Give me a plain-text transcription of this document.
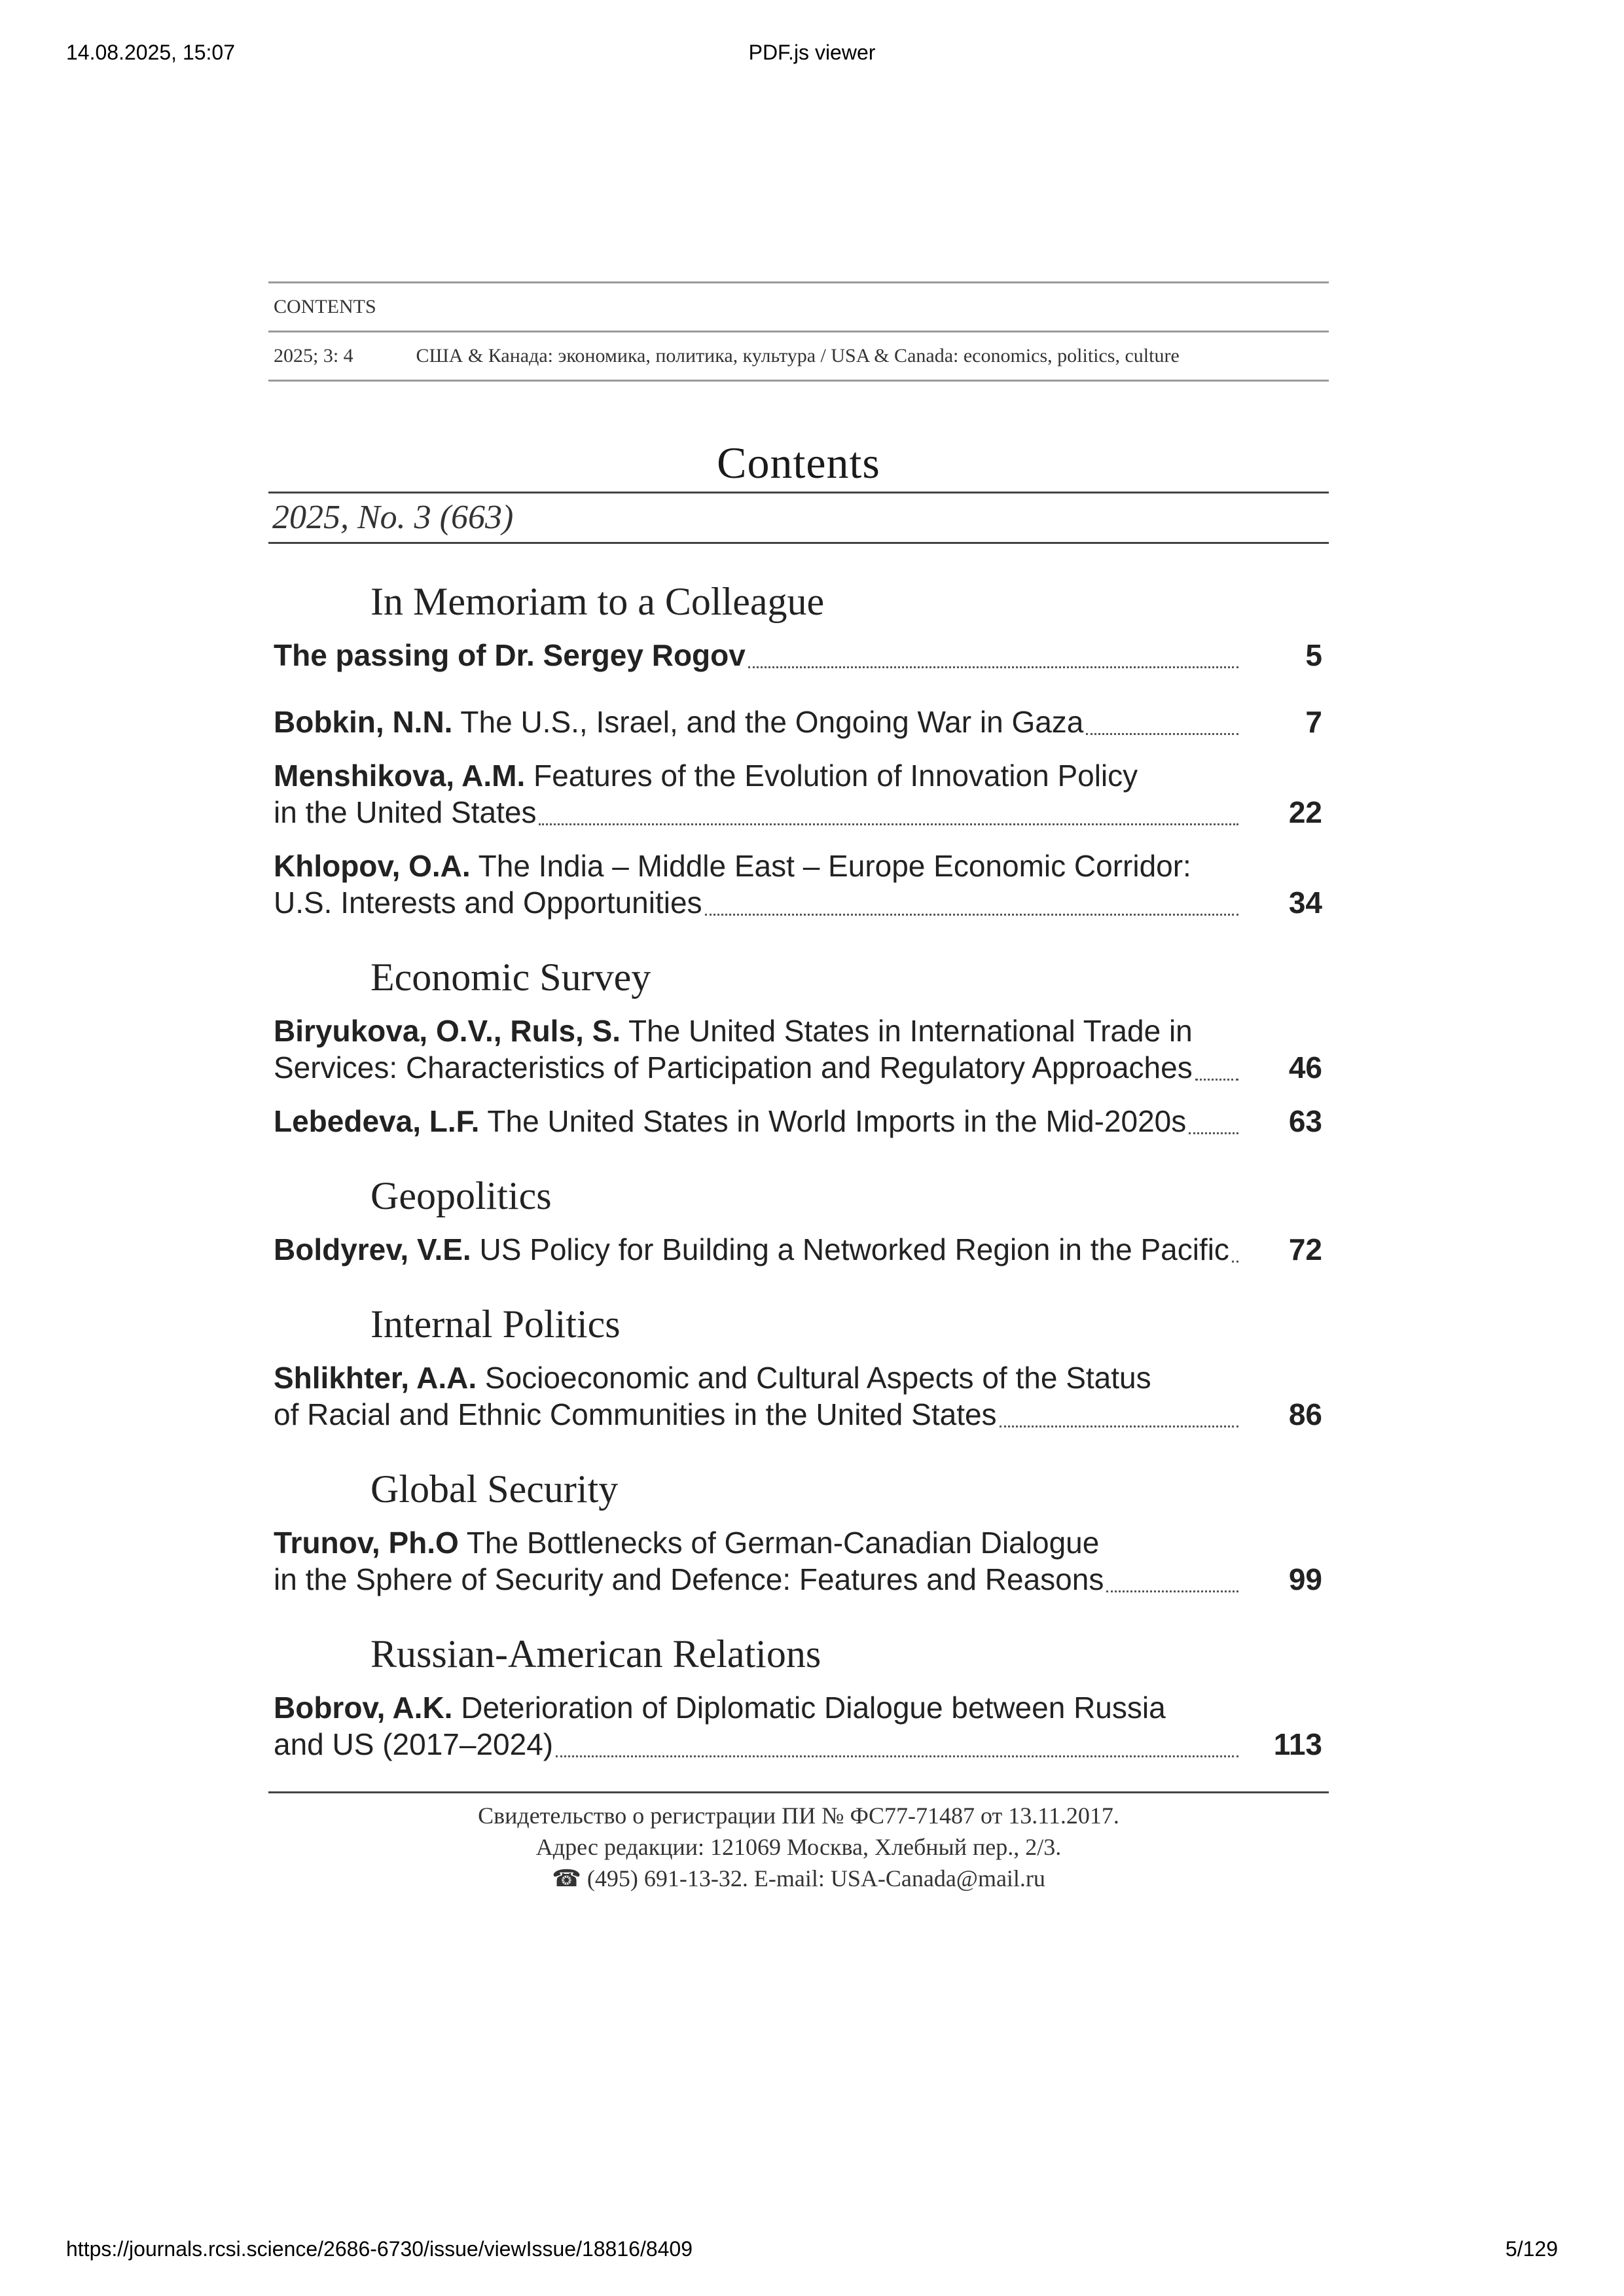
14.08.2025, 15:07	PDF.js viewer
CONTENTS
2025; 3: 4	США & Канада: экономика, политика, культура / USA & Canada: economics, politics, culture
Contents
2025, No. 3 (663)
In Memoriam to a Colleague
The passing of Dr. Sergey Rogov	5
Bobkin, N.N. The U.S., Israel, and the Ongoing War in Gaza	7
Menshikova, A.M. Features of the Evolution of Innovation Policy
in the United States	22
Khlopov, O.A. The India – Middle East – Europe Economic Corridor:
U.S. Interests and Opportunities	34
Economic Survey
Biryukova, O.V., Ruls, S. The United States in International Trade in
Services: Characteristics of Participation and Regulatory Approaches	46
Lebedeva, L.F. The United States in World Imports in the Mid-2020s	63
Geopolitics
Boldyrev, V.E. US Policy for Building a Networked Region in the Pacific	72
Internal Politics
Shlikhter, A.A. Socioeconomic and Cultural Aspects of the Status
of Racial and Ethnic Communities in the United States	86
Global Security
Trunov, Ph.O The Bottlenecks of German-Canadian Dialogue
in the Sphere of Security and Defence: Features and Reasons	99
Russian-American Relations
Bobrov, A.K. Deterioration of Diplomatic Dialogue between Russia
and US (2017–2024)	113
Свидетельство о регистрации ПИ № ФС77-71487 от 13.11.2017.
Адрес редакции: 121069 Москва, Хлебный пер., 2/3.
☎ (495) 691-13-32. E-mail: USA-Canada@mail.ru
https://journals.rcsi.science/2686-6730/issue/viewIssue/18816/8409	5/129
